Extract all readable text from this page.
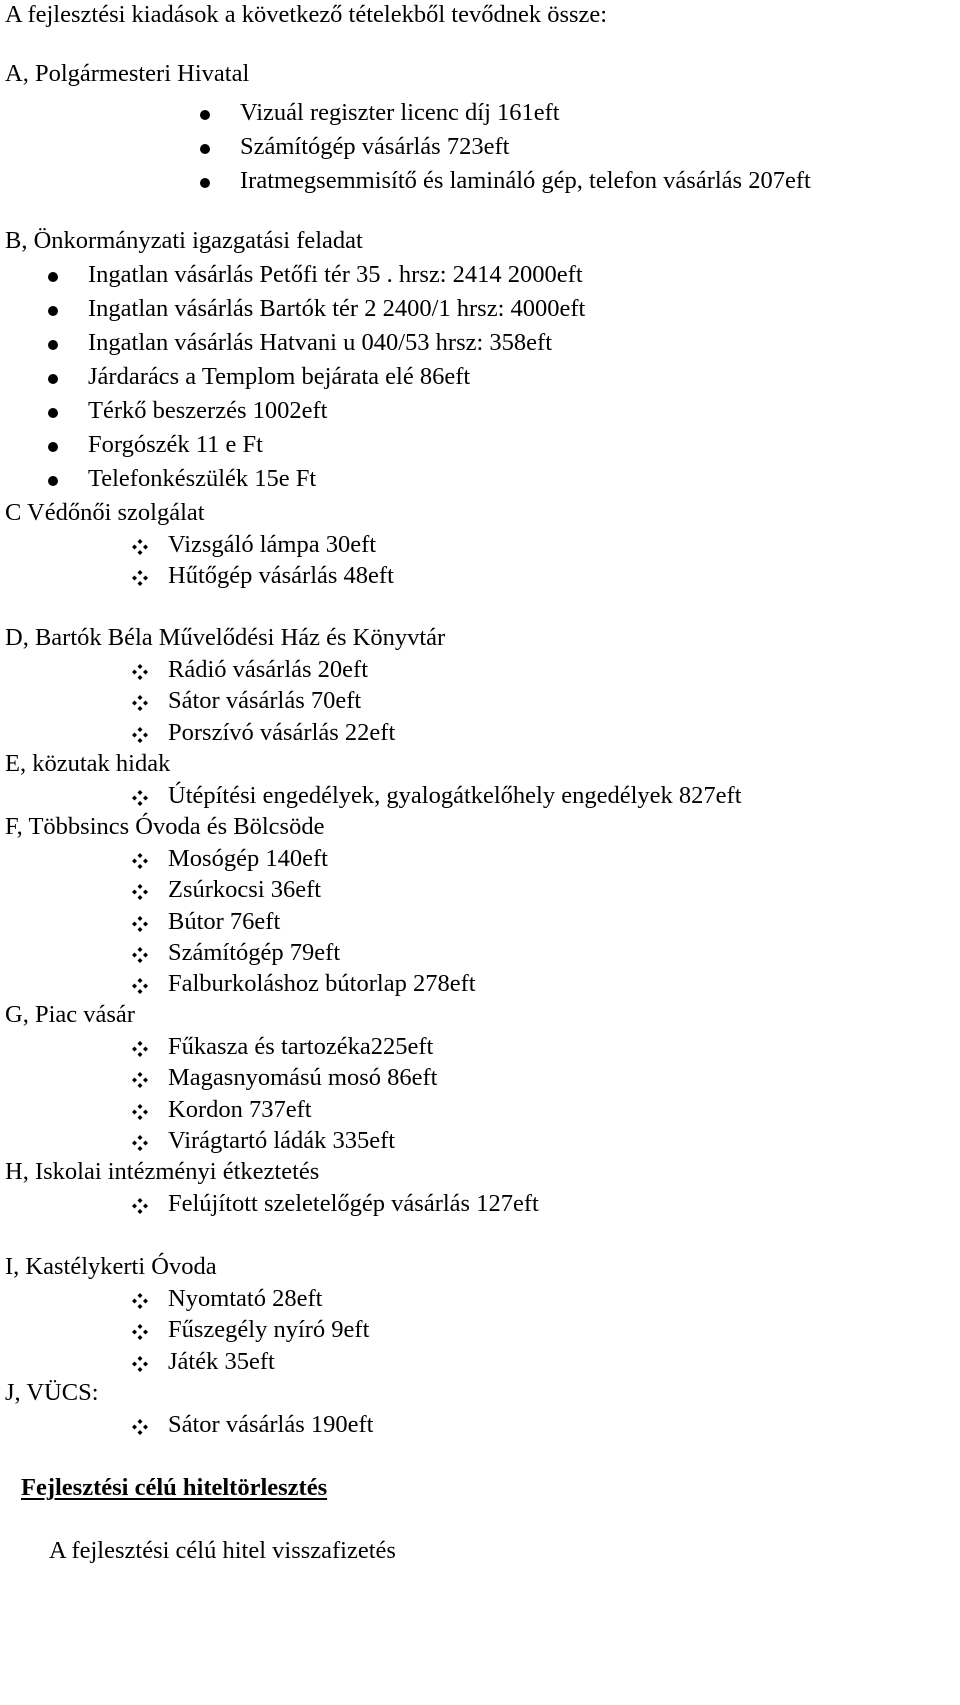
A fejlesztési kiadások a következő tételekből tevődnek össze:

A, Polgármesteri Hivatal

Vizuál regiszter licenc díj 161eft

Számítógép vásárlás 723eft

Iratmegsemmisítő és lamináló gép, telefon vásárlás 207eft

B, Önkormányzati igazgatási feladat

Ingatlan vásárlás Petőfi tér 35 . hrsz: 2414 2000eft

Ingatlan vásárlás Bartók tér 2 2400/1 hrsz: 4000eft

Ingatlan vásárlás Hatvani u 040/53 hrsz: 358eft

Járdarács a Templom bejárata elé 86eft

Térkő beszerzés 1002eft

Forgószék 11 e Ft

Telefonkészülék 15e Ft

C Védőnői szolgálat

Vizsgáló lámpa 30eft

Hűtőgép vásárlás 48eft

D, Bartók Béla Művelődési Ház és Könyvtár

Rádió vásárlás 20eft

Sátor vásárlás 70eft

Porszívó vásárlás 22eft

E, közutak hidak

Útépítési engedélyek, gyalogátkelőhely engedélyek 827eft

F, Többsincs Óvoda és Bölcsöde

Mosógép 140eft

Zsúrkocsi 36eft

Bútor 76eft

Számítógép 79eft

Falburkoláshoz bútorlap 278eft

G, Piac vásár

Fűkasza és tartozéka225eft

Magasnyomású mosó 86eft

Kordon 737eft

Virágtartó ládák 335eft

H, Iskolai intézményi étkeztetés

Felújított szeletelőgép vásárlás 127eft

I, Kastélykerti Óvoda

Nyomtató 28eft

Fűszegély nyíró 9eft

Játék 35eft

J, VÜCS:

Sátor vásárlás 190eft

Fejlesztési célú hiteltörlesztés

A fejlesztési célú hitel visszafizetés
